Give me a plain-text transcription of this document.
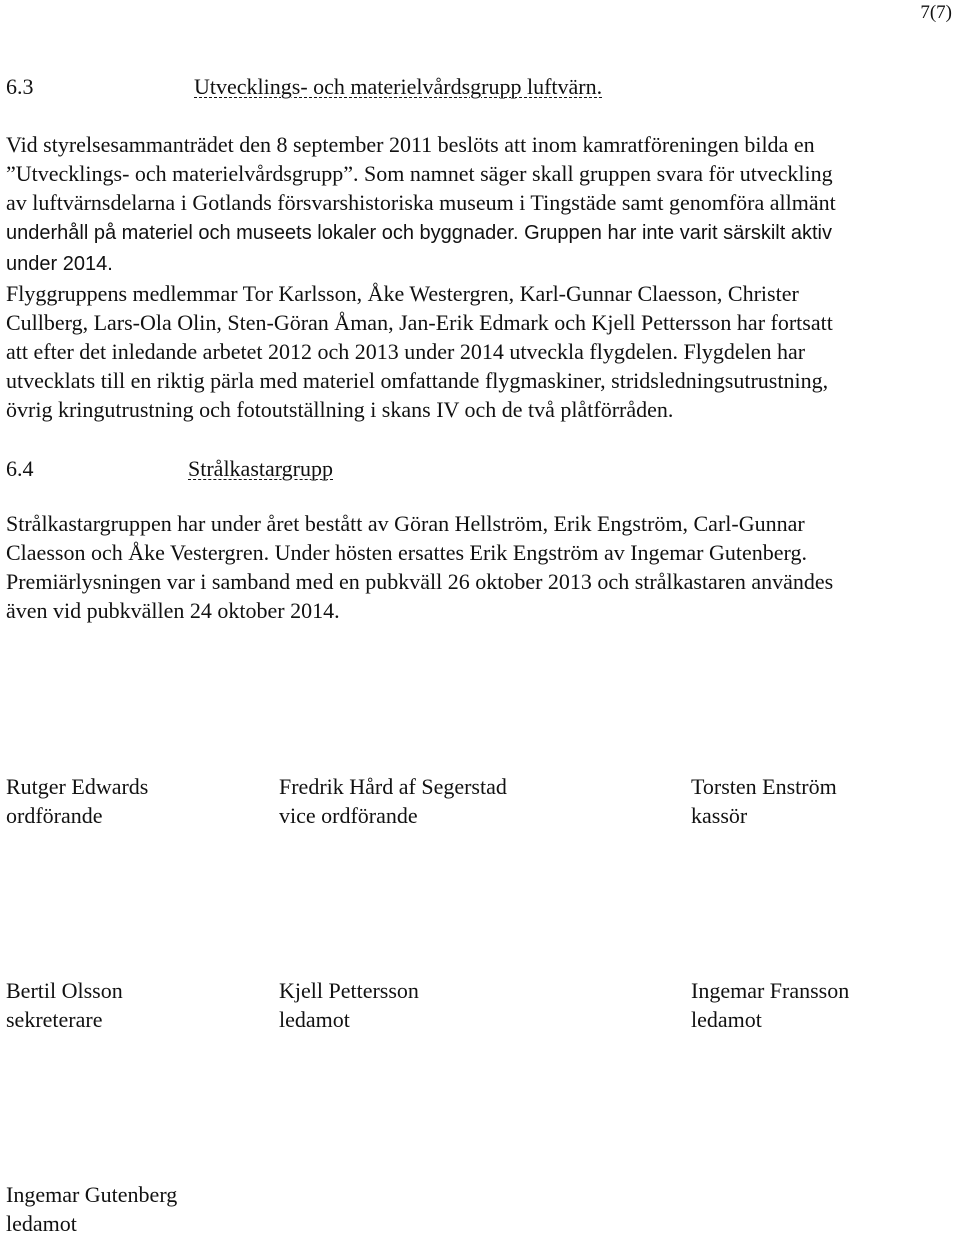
7(7)
6.3	Utvecklings- och materielvårdsgrupp luftvärn.

Vid styrelsesammanträdet den 8 september 2011 beslöts att inom kamratföreningen bilda en

”Utvecklings- och materielvårdsgrupp”. Som namnet säger skall gruppen svara för utveckling

av luftvärnsdelarna i Gotlands försvarshistoriska museum i Tingstäde samt genomföra allmänt

underhåll på materiel och museets lokaler och byggnader. Gruppen har inte varit särskilt aktiv

under 2014.

Flyggruppens medlemmar Tor Karlsson, Åke Westergren, Karl-Gunnar Claesson, Christer

Cullberg, Lars-Ola Olin, Sten-Göran Åman, Jan-Erik Edmark och Kjell Pettersson har fortsatt

att efter det inledande arbetet 2012 och 2013 under 2014 utveckla flygdelen. Flygdelen har

utvecklats till en riktig pärla med materiel omfattande flygmaskiner, stridsledningsutrustning,

övrig kringutrustning och fotoutställning i skans IV och de två plåtförråden.

6.4	Strålkastargrupp

Strålkastargruppen har under året bestått av Göran Hellström, Erik Engström, Carl-Gunnar

Claesson och Åke Vestergren. Under hösten ersattes Erik Engström av Ingemar Gutenberg.

Premiärlysningen var i samband med en pubkväll 26 oktober 2013 och strålkastaren användes

även vid pubkvällen 24 oktober 2014.

Rutger Edwards
ordförande
Fredrik Hård af Segerstad
vice ordförande
Torsten Enström
kassör
Bertil Olsson
sekreterare
Kjell Pettersson
ledamot
Ingemar Fransson
ledamot
Ingemar Gutenberg
ledamot
